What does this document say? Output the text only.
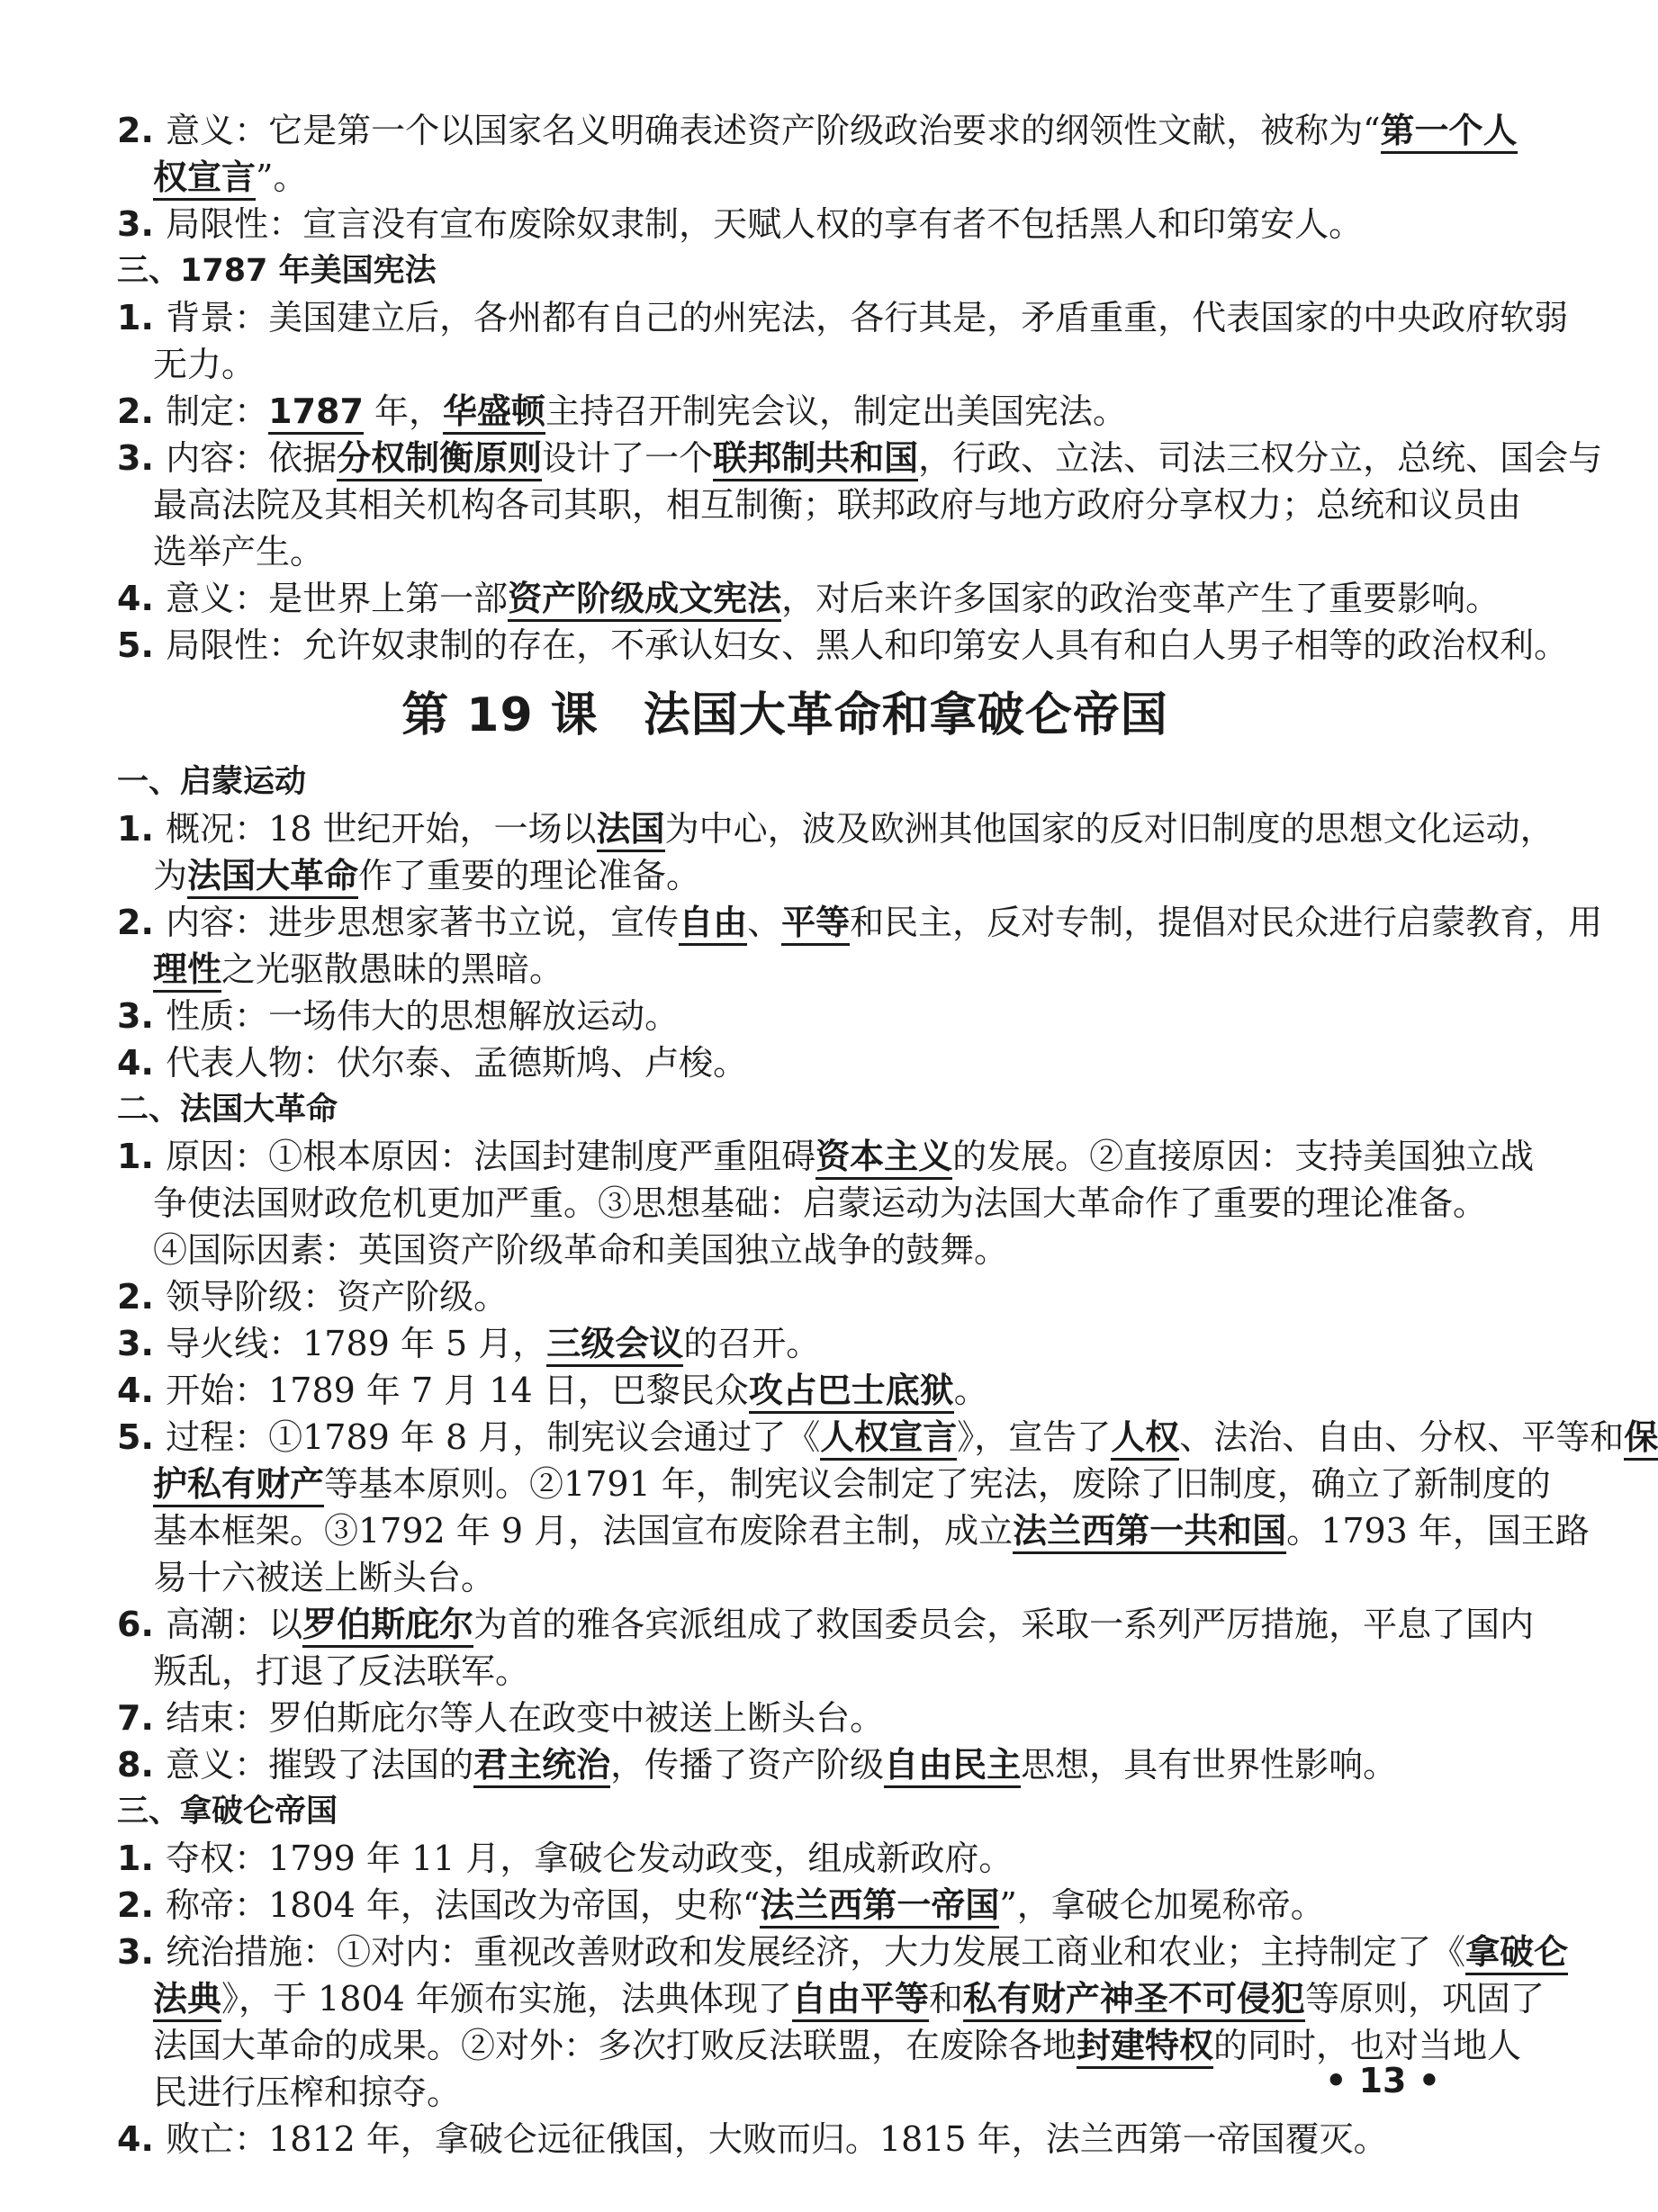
2. 意义：它是第一个以国家名义明确表述资产阶级政治要求的纲领性文献，被称为“第一个人
权宣言”。
3. 局限性：宣言没有宣布废除奴隶制，天赋人权的享有者不包括黑人和印第安人。
三、1787 年美国宪法
1. 背景：美国建立后，各州都有自己的州宪法，各行其是，矛盾重重，代表国家的中央政府软弱
无力。
2. 制定：1787 年，华盛顿主持召开制宪会议，制定出美国宪法。
3. 内容：依据分权制衡原则设计了一个联邦制共和国，行政、立法、司法三权分立，总统、国会与
最高法院及其相关机构各司其职，相互制衡；联邦政府与地方政府分享权力；总统和议员由
选举产生。
4. 意义：是世界上第一部资产阶级成文宪法，对后来许多国家的政治变革产生了重要影响。
5. 局限性：允许奴隶制的存在，不承认妇女、黑人和印第安人具有和白人男子相等的政治权利。
第 19 课 法国大革命和拿破仑帝国
一、启蒙运动
1. 概况：18 世纪开始，一场以法国为中心，波及欧洲其他国家的反对旧制度的思想文化运动，
为法国大革命作了重要的理论准备。
2. 内容：进步思想家著书立说，宣传自由、平等和民主，反对专制，提倡对民众进行启蒙教育，用
理性之光驱散愚昧的黑暗。
3. 性质：一场伟大的思想解放运动。
4. 代表人物：伏尔泰、孟德斯鸠、卢梭。
二、法国大革命
1. 原因：①根本原因：法国封建制度严重阻碍资本主义的发展。②直接原因：支持美国独立战
争使法国财政危机更加严重。③思想基础：启蒙运动为法国大革命作了重要的理论准备。
④国际因素：英国资产阶级革命和美国独立战争的鼓舞。
2. 领导阶级：资产阶级。
3. 导火线：1789 年 5 月，三级会议的召开。
4. 开始：1789 年 7 月 14 日，巴黎民众攻占巴士底狱。
5. 过程：①1789 年 8 月，制宪议会通过了《人权宣言》，宣告了人权、法治、自由、分权、平等和保
护私有财产等基本原则。②1791 年，制宪议会制定了宪法，废除了旧制度，确立了新制度的
基本框架。③1792 年 9 月，法国宣布废除君主制，成立法兰西第一共和国。1793 年，国王路
易十六被送上断头台。
6. 高潮：以罗伯斯庇尔为首的雅各宾派组成了救国委员会，采取一系列严厉措施，平息了国内
叛乱，打退了反法联军。
7. 结束：罗伯斯庇尔等人在政变中被送上断头台。
8. 意义：摧毁了法国的君主统治，传播了资产阶级自由民主思想，具有世界性影响。
三、拿破仑帝国
1. 夺权：1799 年 11 月，拿破仑发动政变，组成新政府。
2. 称帝：1804 年，法国改为帝国，史称“法兰西第一帝国”，拿破仑加冕称帝。
3. 统治措施：①对内：重视改善财政和发展经济，大力发展工商业和农业；主持制定了《拿破仑
法典》，于 1804 年颁布实施，法典体现了自由平等和私有财产神圣不可侵犯等原则，巩固了
法国大革命的成果。②对外：多次打败反法联盟，在废除各地封建特权的同时，也对当地人
民进行压榨和掠夺。
4. 败亡：1812 年，拿破仑远征俄国，大败而归。1815 年，法兰西第一帝国覆灭。
• 13 •
